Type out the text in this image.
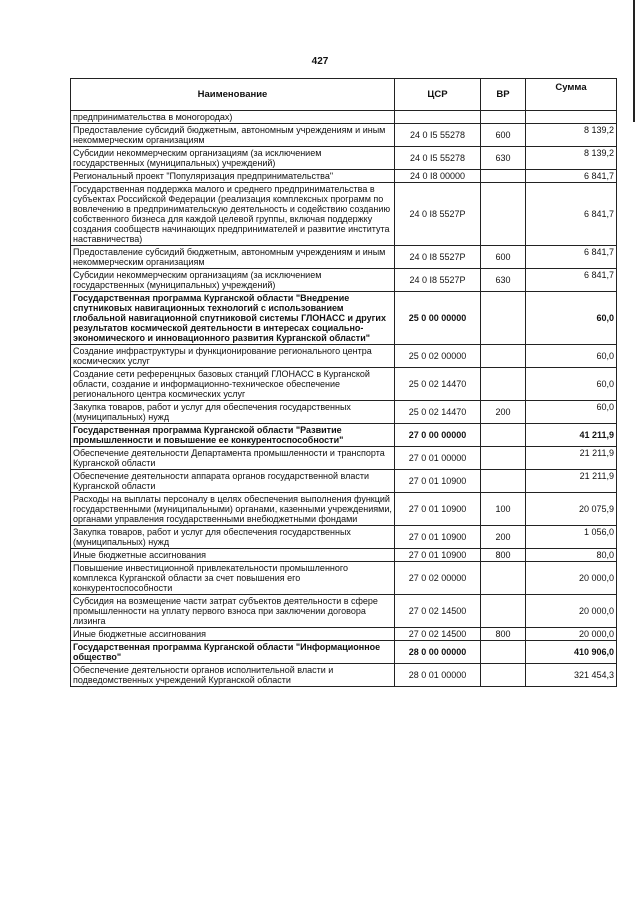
427
Наименование	ЦСР	ВР	Сумма
предпринимательства в моногородах)			
Предоставление субсидий бюджетным, автономным учреждениям и иным некоммерческим организациям	24 0 I5 55278	600	8 139,2
Субсидии некоммерческим организациям (за исключением государственных (муниципальных) учреждений)	24 0 I5 55278	630	8 139,2
Региональный проект "Популяризация предпринимательства"	24 0 I8 00000		6 841,7
Государственная поддержка малого и среднего предпринимательства в субъектах Российской Федерации (реализация комплексных программ по вовлечению в предпринимательскую деятельность и содействию созданию собственного бизнеса для каждой целевой группы, включая поддержку создания сообществ начинающих предпринимателей и развитие института наставничества)	24 0 I8 5527P		6 841,7
Предоставление субсидий бюджетным, автономным учреждениям и иным некоммерческим организациям	24 0 I8 5527P	600	6 841,7
Субсидии некоммерческим организациям (за исключением государственных (муниципальных) учреждений)	24 0 I8 5527P	630	6 841,7
Государственная программа Курганской области "Внедрение спутниковых навигационных технологий с использованием глобальной навигационной спутниковой системы ГЛОНАСС и других результатов космической деятельности в интересах социально-экономического и инновационного развития Курганской области"	25 0 00 00000		60,0
Создание инфраструктуры и функционирование регионального центра космических услуг	25 0 02 00000		60,0
Создание сети референцных базовых станций ГЛОНАСС в Курганской области, создание и информационно-техническое обеспечение регионального центра космических услуг	25 0 02 14470		60,0
Закупка товаров, работ и услуг для обеспечения государственных (муниципальных) нужд	25 0 02 14470	200	60,0
Государственная программа Курганской области "Развитие промышленности и повышение ее конкурентоспособности"	27 0 00 00000		41 211,9
Обеспечение деятельности Департамента промышленности и транспорта Курганской области	27 0 01 00000		21 211,9
Обеспечение деятельности аппарата органов государственной власти Курганской области	27 0 01 10900		21 211,9
Расходы на выплаты персоналу в целях обеспечения выполнения функций государственными (муниципальными) органами, казенными учреждениями, органами управления государственными внебюджетными фондами	27 0 01 10900	100	20 075,9
Закупка товаров, работ и услуг для обеспечения государственных (муниципальных) нужд	27 0 01 10900	200	1 056,0
Иные бюджетные ассигнования	27 0 01 10900	800	80,0
Повышение инвестиционной привлекательности промышленного комплекса Курганской области за счет повышения его конкурентоспособности	27 0 02 00000		20 000,0
Субсидия на возмещение части затрат субъектов деятельности в сфере промышленности на уплату первого взноса при заключении договора лизинга	27 0 02 14500		20 000,0
Иные бюджетные ассигнования	27 0 02 14500	800	20 000,0
Государственная программа Курганской области "Информационное общество"	28 0 00 00000		410 906,0
Обеспечение деятельности органов исполнительной власти и подведомственных учреждений Курганской области	28 0 01 00000		321 454,3
